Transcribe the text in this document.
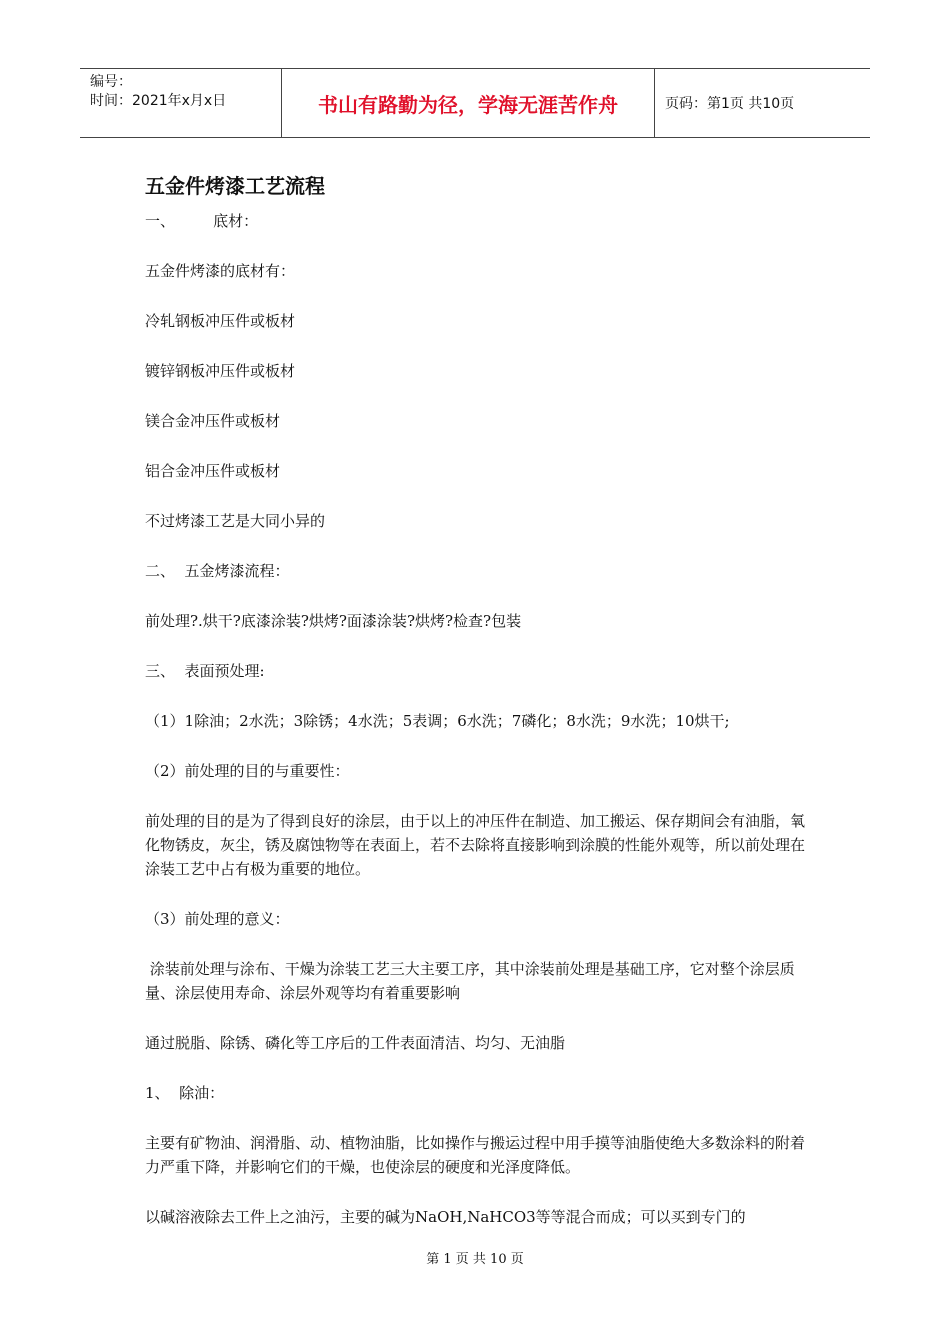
编号：
时间：2021年x月x日	书山有路勤为径，学海无涯苦作舟	页码：第1页 共10页
五金件烤漆工艺流程

一、        底材：

五金件烤漆的底材有：

冷轧钢板冲压件或板材

镀锌钢板冲压件或板材

镁合金冲压件或板材

铝合金冲压件或板材

不过烤漆工艺是大同小异的

二、  五金烤漆流程：

前处理?.烘干?底漆涂装?烘烤?面漆涂装?烘烤?检查?包装

三、  表面预处理:

（1）1除油；2水洗；3除锈；4水洗；5表调；6水洗；7磷化；8水洗；9水洗；10烘干;

（2）前处理的目的与重要性：

前处理的目的是为了得到良好的涂层，由于以上的冲压件在制造、加工搬运、保存期间会有油脂，氧化物锈皮，灰尘，锈及腐蚀物等在表面上，若不去除将直接影响到涂膜的性能外观等，所以前处理在涂装工艺中占有极为重要的地位。

（3）前处理的意义：

涂装前处理与涂布、干燥为涂装工艺三大主要工序，其中涂装前处理是基础工序，它对整个涂层质量、涂层使用寿命、涂层外观等均有着重要影响

通过脱脂、除锈、磷化等工序后的工件表面清洁、均匀、无油脂

1、  除油：

主要有矿物油、润滑脂、动、植物油脂，比如操作与搬运过程中用手摸等油脂使绝大多数涂料的附着力严重下降，并影响它们的干燥，也使涂层的硬度和光泽度降低。

以碱溶液除去工件上之油污，主要的碱为NaOH,NaHCO3等等混合而成；可以买到专门的

第 1 页 共 10 页
